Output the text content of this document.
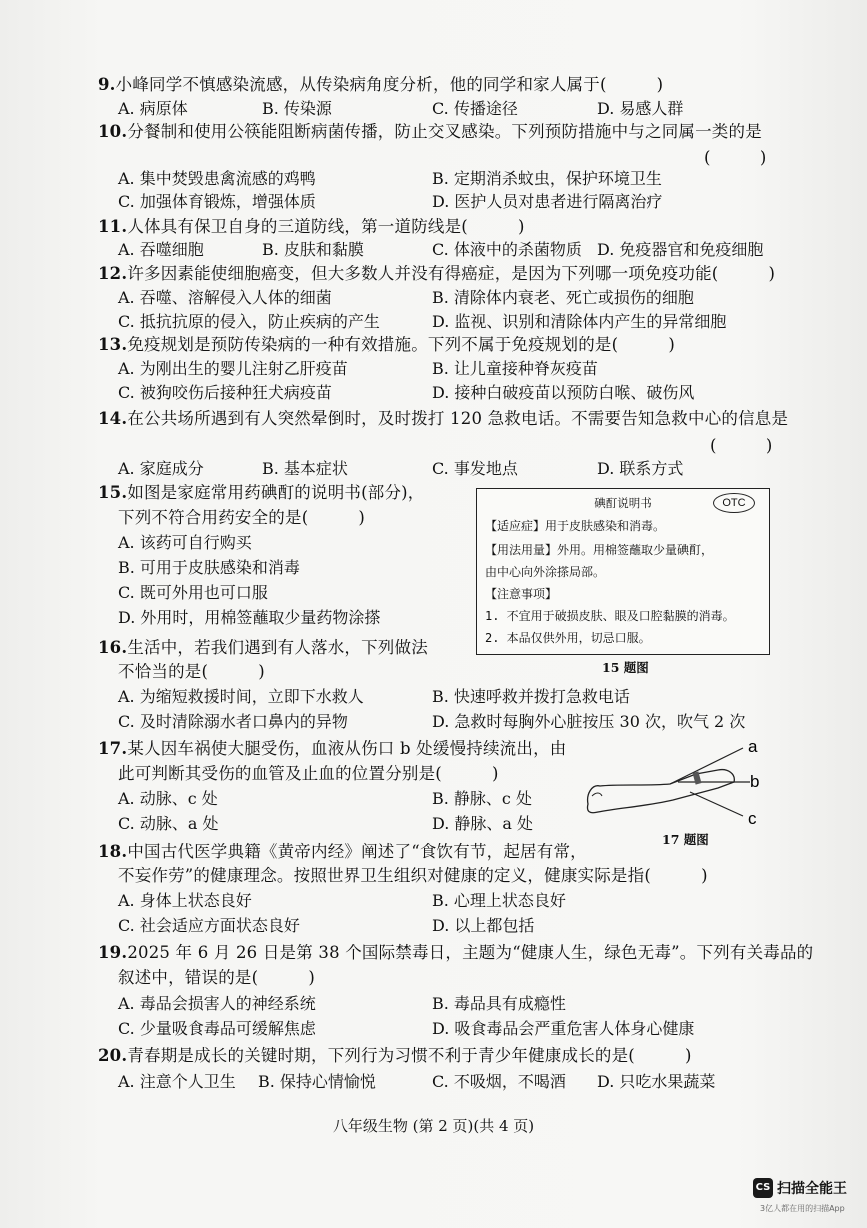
9.小峰同学不慎感染流感，从传染病角度分析，他的同学和家人属于(　　　)
A. 病原体	B. 传染源	C. 传播途径	D. 易感人群
10.分餐制和使用公筷能阻断病菌传播，防止交叉感染。下列预防措施中与之同属一类的是
(　　　)
A. 集中焚毁患禽流感的鸡鸭	B. 定期消杀蚊虫，保护环境卫生
C. 加强体育锻炼，增强体质	D. 医护人员对患者进行隔离治疗
11.人体具有保卫自身的三道防线，第一道防线是(　　　)
A. 吞噬细胞	B. 皮肤和黏膜	C. 体液中的杀菌物质 D. 免疫器官和免疫细胞
12.许多因素能使细胞癌变，但大多数人并没有得癌症，是因为下列哪一项免疫功能(　　　)
A. 吞噬、溶解侵入人体的细菌	B. 清除体内衰老、死亡或损伤的细胞
C. 抵抗抗原的侵入，防止疾病的产生	D. 监视、识别和清除体内产生的异常细胞
13.免疫规划是预防传染病的一种有效措施。下列不属于免疫规划的是(　　　)
A. 为刚出生的婴儿注射乙肝疫苗	B. 让儿童接种脊灰疫苗
C. 被狗咬伤后接种狂犬病疫苗	D. 接种白破疫苗以预防白喉、破伤风
14.在公共场所遇到有人突然晕倒时，及时拨打 120 急救电话。不需要告知急救中心的信息是
(　　　)
A. 家庭成分	B. 基本症状	C. 事发地点	D. 联系方式
15.如图是家庭常用药碘酊的说明书(部分)，
下列不符合用药安全的是(　　　)
A. 该药可自行购买
B. 可用于皮肤感染和消毒
C. 既可外用也可口服
D. 外用时，用棉签蘸取少量药物涂搽
碘酊说明书	OTC
【适应症】用于皮肤感染和消毒。
【用法用量】外用。用棉签蘸取少量碘酊，
由中心向外涂搽局部。
【注意事项】
1. 不宜用于破损皮肤、眼及口腔黏膜的消毒。
2. 本品仅供外用，切忌口服。
15 题图
16.生活中，若我们遇到有人落水，下列做法
不恰当的是(　　　)
A. 为缩短救援时间，立即下水救人	B. 快速呼救并拨打急救电话
C. 及时清除溺水者口鼻内的异物	D. 急救时每胸外心脏按压 30 次，吹气 2 次
17.某人因车祸使大腿受伤，血液从伤口 b 处缓慢持续流出，由
此可判断其受伤的血管及止血的位置分别是(　　　)
A. 动脉、c 处	B. 静脉、c 处
C. 动脉、a 处	D. 静脉、a 处
a
b
c
17 题图
18.中国古代医学典籍《黄帝内经》阐述了“食饮有节，起居有常，
不妄作劳”的健康理念。按照世界卫生组织对健康的定义，健康实际是指(　　　)
A. 身体上状态良好	B. 心理上状态良好
C. 社会适应方面状态良好	D. 以上都包括
19.2025 年 6 月 26 日是第 38 个国际禁毒日，主题为“健康人生，绿色无毒”。下列有关毒品的
叙述中，错误的是(　　　)
A. 毒品会损害人的神经系统	B. 毒品具有成瘾性
C. 少量吸食毒品可缓解焦虑	D. 吸食毒品会严重危害人体身心健康
20.青春期是成长的关键时期，下列行为习惯不利于青少年健康成长的是(　　　)
A. 注意个人卫生 B. 保持心情愉悦	C. 不吸烟，不喝酒 D. 只吃水果蔬菜
八年级生物 (第 2 页)(共 4 页)
CS 扫描全能王
3亿人都在用的扫描App
